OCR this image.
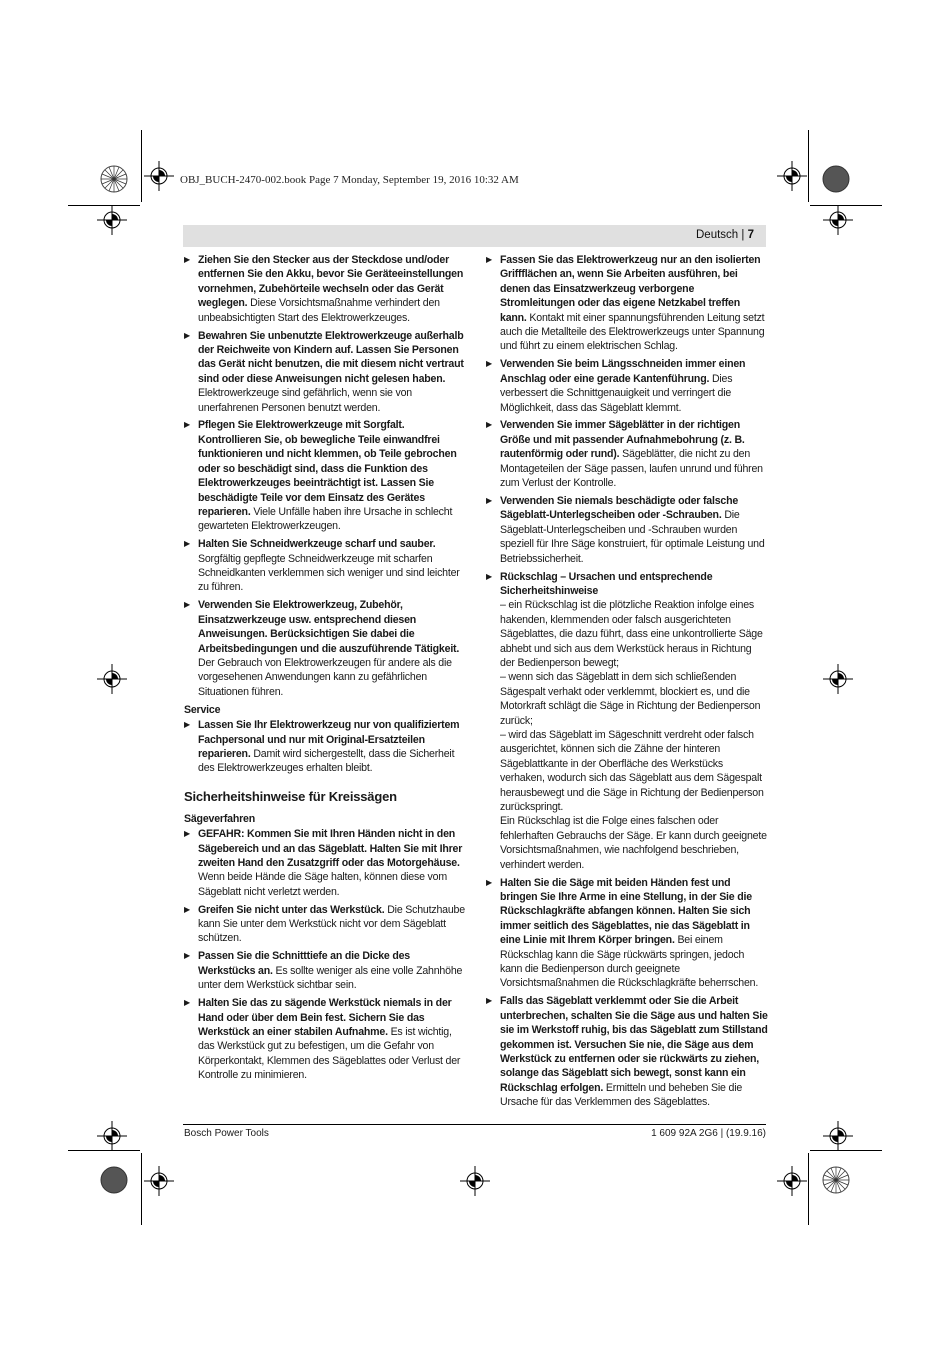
OBJ_BUCH-2470-002.book Page 7 Monday, September 19, 2016 10:32 AM
Deutsch | 7
▶ Ziehen Sie den Stecker aus der Steckdose und/oder entfernen Sie den Akku, bevor Sie Geräteeinstellungen vornehmen, Zubehörteile wechseln oder das Gerät weglegen. Diese Vorsichtsmaßnahme verhindert den unbeabsichtigten Start des Elektrowerkzeuges.
▶ Bewahren Sie unbenutzte Elektrowerkzeuge außerhalb der Reichweite von Kindern auf. Lassen Sie Personen das Gerät nicht benutzen, die mit diesem nicht vertraut sind oder diese Anweisungen nicht gelesen haben. Elektrowerkzeuge sind gefährlich, wenn sie von unerfahrenen Personen benutzt werden.
▶ Pflegen Sie Elektrowerkzeuge mit Sorgfalt. Kontrollieren Sie, ob bewegliche Teile einwandfrei funktionieren und nicht klemmen, ob Teile gebrochen oder so beschädigt sind, dass die Funktion des Elektrowerkzeuges beeinträchtigt ist. Lassen Sie beschädigte Teile vor dem Einsatz des Gerätes reparieren. Viele Unfälle haben ihre Ursache in schlecht gewarteten Elektrowerkzeugen.
▶ Halten Sie Schneidwerkzeuge scharf und sauber. Sorgfältig gepflegte Schneidwerkzeuge mit scharfen Schneidkanten verklemmen sich weniger und sind leichter zu führen.
▶ Verwenden Sie Elektrowerkzeug, Zubehör, Einsatzwerkzeuge usw. entsprechend diesen Anweisungen. Berücksichtigen Sie dabei die Arbeitsbedingungen und die auszuführende Tätigkeit. Der Gebrauch von Elektrowerkzeugen für andere als die vorgesehenen Anwendungen kann zu gefährlichen Situationen führen.
Service
▶ Lassen Sie Ihr Elektrowerkzeug nur von qualifiziertem Fachpersonal und nur mit Original-Ersatzteilen reparieren. Damit wird sichergestellt, dass die Sicherheit des Elektrowerkzeuges erhalten bleibt.
Sicherheitshinweise für Kreissägen
Sägeverfahren
▶ GEFAHR: Kommen Sie mit Ihren Händen nicht in den Sägebereich und an das Sägeblatt. Halten Sie mit Ihrer zweiten Hand den Zusatzgriff oder das Motorgehäuse. Wenn beide Hände die Säge halten, können diese vom Sägeblatt nicht verletzt werden.
▶ Greifen Sie nicht unter das Werkstück. Die Schutzhaube kann Sie unter dem Werkstück nicht vor dem Sägeblatt schützen.
▶ Passen Sie die Schnitttiefe an die Dicke des Werkstücks an. Es sollte weniger als eine volle Zahnhöhe unter dem Werkstück sichtbar sein.
▶ Halten Sie das zu sägende Werkstück niemals in der Hand oder über dem Bein fest. Sichern Sie das Werkstück an einer stabilen Aufnahme. Es ist wichtig, das Werkstück gut zu befestigen, um die Gefahr von Körperkontakt, Klemmen des Sägeblattes oder Verlust der Kontrolle zu minimieren.
▶ Fassen Sie das Elektrowerkzeug nur an den isolierten Griffflächen an, wenn Sie Arbeiten ausführen, bei denen das Einsatzwerkzeug verborgene Stromleitungen oder das eigene Netzkabel treffen kann. Kontakt mit einer spannungsführenden Leitung setzt auch die Metallteile des Elektrowerkzeugs unter Spannung und führt zu einem elektrischen Schlag.
▶ Verwenden Sie beim Längsschneiden immer einen Anschlag oder eine gerade Kantenführung. Dies verbessert die Schnittgenauigkeit und verringert die Möglichkeit, dass das Sägeblatt klemmt.
▶ Verwenden Sie immer Sägeblätter in der richtigen Größe und mit passender Aufnahmebohrung (z. B. rautenförmig oder rund). Sägeblätter, die nicht zu den Montageteilen der Säge passen, laufen unrund und führen zum Verlust der Kontrolle.
▶ Verwenden Sie niemals beschädigte oder falsche Sägeblatt-Unterlegscheiben oder -Schrauben. Die Sägeblatt-Unterlegscheiben und -Schrauben wurden speziell für Ihre Säge konstruiert, für optimale Leistung und Betriebssicherheit.
▶ Rückschlag – Ursachen und entsprechende Sicherheitshinweise
– ein Rückschlag ist die plötzliche Reaktion infolge eines hakenden, klemmenden oder falsch ausgerichteten Sägeblattes, die dazu führt, dass eine unkontrollierte Säge abhebt und sich aus dem Werkstück heraus in Richtung der Bedienperson bewegt;
– wenn sich das Sägeblatt in dem sich schließenden Sägespalt verhakt oder verklemmt, blockiert es, und die Motorkraft schlägt die Säge in Richtung der Bedienperson zurück;
– wird das Sägeblatt im Sägeschnitt verdreht oder falsch ausgerichtet, können sich die Zähne der hinteren Sägeblattkante in der Oberfläche des Werkstücks verhaken, wodurch sich das Sägeblatt aus dem Sägespalt herausbewegt und die Säge in Richtung der Bedienperson zurückspringt.
Ein Rückschlag ist die Folge eines falschen oder fehlerhaften Gebrauchs der Säge. Er kann durch geeignete Vorsichtsmaßnahmen, wie nachfolgend beschrieben, verhindert werden.
▶ Halten Sie die Säge mit beiden Händen fest und bringen Sie Ihre Arme in eine Stellung, in der Sie die Rückschlagkräfte abfangen können. Halten Sie sich immer seitlich des Sägeblattes, nie das Sägeblatt in eine Linie mit Ihrem Körper bringen. Bei einem Rückschlag kann die Säge rückwärts springen, jedoch kann die Bedienperson durch geeignete Vorsichtsmaßnahmen die Rückschlagkräfte beherrschen.
▶ Falls das Sägeblatt verklemmt oder Sie die Arbeit unterbrechen, schalten Sie die Säge aus und halten Sie sie im Werkstoff ruhig, bis das Sägeblatt zum Stillstand gekommen ist. Versuchen Sie nie, die Säge aus dem Werkstück zu entfernen oder sie rückwärts zu ziehen, solange das Sägeblatt sich bewegt, sonst kann ein Rückschlag erfolgen. Ermitteln und beheben Sie die Ursache für das Verklemmen des Sägeblattes.
Bosch Power Tools	1 609 92A 2G6 | (19.9.16)
